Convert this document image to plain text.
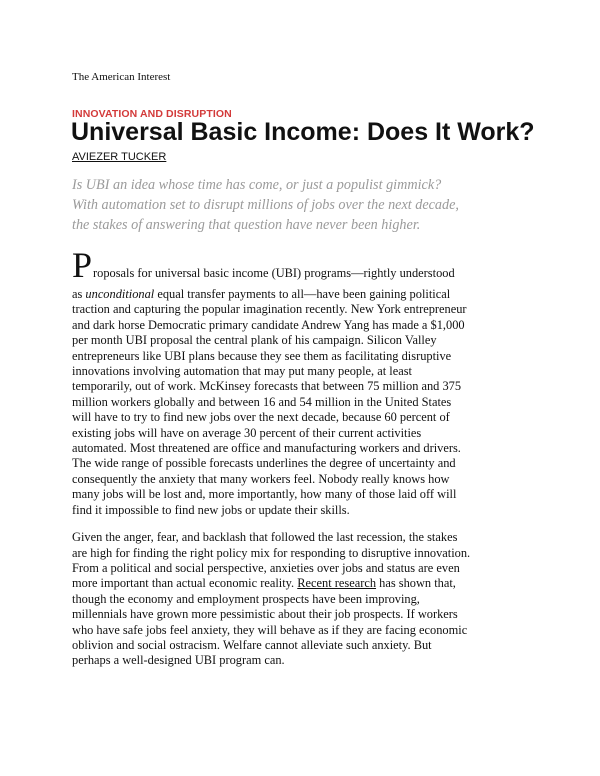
The American Interest
INNOVATION AND DISRUPTION
Universal Basic Income: Does It Work?
AVIEZER TUCKER
Is UBI an idea whose time has come, or just a populist gimmick?
With automation set to disrupt millions of jobs over the next decade,
the stakes of answering that question have never been higher.
P roposals for universal basic income (UBI) programs—rightly understood
as unconditional equal transfer payments to all—have been gaining political
traction and capturing the popular imagination recently. New York entrepreneur
and dark horse Democratic primary candidate Andrew Yang has made a $1,000
per month UBI proposal the central plank of his campaign. Silicon Valley
entrepreneurs like UBI plans because they see them as facilitating disruptive
innovations involving automation that may put many people, at least
temporarily, out of work. McKinsey forecasts that between 75 million and 375
million workers globally and between 16 and 54 million in the United States
will have to try to find new jobs over the next decade, because 60 percent of
existing jobs will have on average 30 percent of their current activities
automated. Most threatened are office and manufacturing workers and drivers.
The wide range of possible forecasts underlines the degree of uncertainty and
consequently the anxiety that many workers feel. Nobody really knows how
many jobs will be lost and, more importantly, how many of those laid off will
find it impossible to find new jobs or update their skills.
Given the anger, fear, and backlash that followed the last recession, the stakes
are high for finding the right policy mix for responding to disruptive innovation.
From a political and social perspective, anxieties over jobs and status are even
more important than actual economic reality. Recent research has shown that,
though the economy and employment prospects have been improving,
millennials have grown more pessimistic about their job prospects. If workers
who have safe jobs feel anxiety, they will behave as if they are facing economic
oblivion and social ostracism. Welfare cannot alleviate such anxiety. But
perhaps a well-designed UBI program can.
